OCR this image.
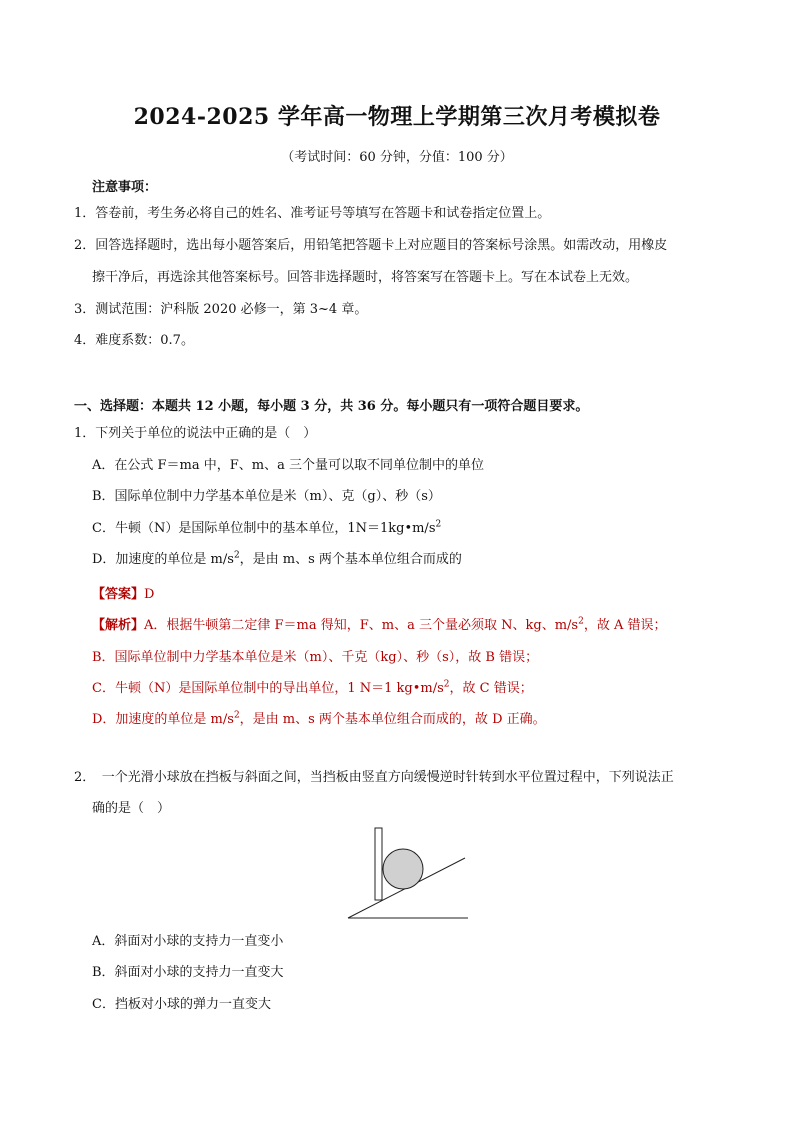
2024-2025 学年高一物理上学期第三次月考模拟卷
（考试时间：60 分钟，分值：100 分）
注意事项：
1．答卷前，考生务必将自己的姓名、准考证号等填写在答题卡和试卷指定位置上。
2．回答选择题时，选出每小题答案后，用铅笔把答题卡上对应题目的答案标号涂黑。如需改动，用橡皮
擦干净后，再选涂其他答案标号。回答非选择题时，将答案写在答题卡上。写在本试卷上无效。
3．测试范围：沪科版 2020 必修一，第 3~4 章。
4．难度系数：0.7。
一、选择题：本题共 12 小题，每小题 3 分，共 36 分。每小题只有一项符合题目要求。
1．下列关于单位的说法中正确的是（　）
A．在公式 F＝ma 中，F、m、a 三个量可以取不同单位制中的单位
B．国际单位制中力学基本单位是米（m）、克（g）、秒（s）
C．牛顿（N）是国际单位制中的基本单位，$1N=1kg•m/s^2$
D．加速度的单位是 $m/s^2$，是由 m、s 两个基本单位组合而成的
【答案】D
【解析】A．根据牛顿第二定律 F＝ma 得知，F、m、a 三个量必须取 N、kg、$m/s^2$，故 A 错误；
B．国际单位制中力学基本单位是米（m）、千克（kg）、秒（s），故 B 错误；
C．牛顿（N）是国际单位制中的导出单位，1 N＝1 $kg•m/s^2$，故 C 错误；
D．加速度的单位是 $m/s^2$，是由 m、s 两个基本单位组合而成的，故 D 正确。
2．　一个光滑小球放在挡板与斜面之间，当挡板由竖直方向缓慢逆时针转到水平位置过程中，下列说法正
确的是（　）
A．斜面对小球的支持力一直变小
B．斜面对小球的支持力一直变大
C．挡板对小球的弹力一直变大
